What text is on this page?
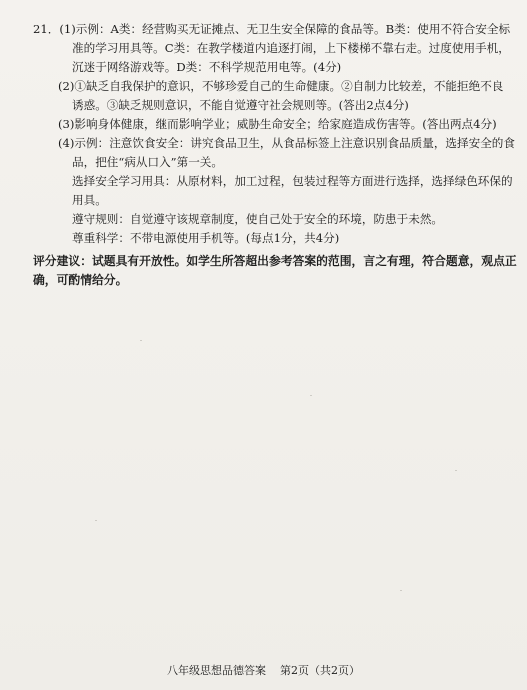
21．(1)示例：A类：经营购买无证摊点、无卫生安全保障的食品等。B类：使用不符合安全标
准的学习用具等。C类：在教学楼道内追逐打闹，上下楼梯不靠右走。过度使用手机，
沉迷于网络游戏等。D类：不科学规范用电等。(4分)
(2)①缺乏自我保护的意识，不够珍爱自己的生命健康。②自制力比较差，不能拒绝不良
诱惑。③缺乏规则意识，不能自觉遵守社会规则等。(答出2点4分)
(3)影响身体健康，继而影响学业；威胁生命安全；给家庭造成伤害等。(答出两点4分)
(4)示例：注意饮食安全：讲究食品卫生，从食品标签上注意识别食品质量，选择安全的食
品，把住“病从口入”第一关。
选择安全学习用具：从原材料，加工过程，包装过程等方面进行选择，选择绿色环保的
用具。
遵守规则：自觉遵守该规章制度，使自己处于安全的环境，防患于未然。
尊重科学：不带电源使用手机等。(每点1分，共4分)
评分建议：试题具有开放性。如学生所答超出参考答案的范围，言之有理，符合题意，观点正
确，可酌情给分。
八年级思想品德答案 第2页（共2页）
